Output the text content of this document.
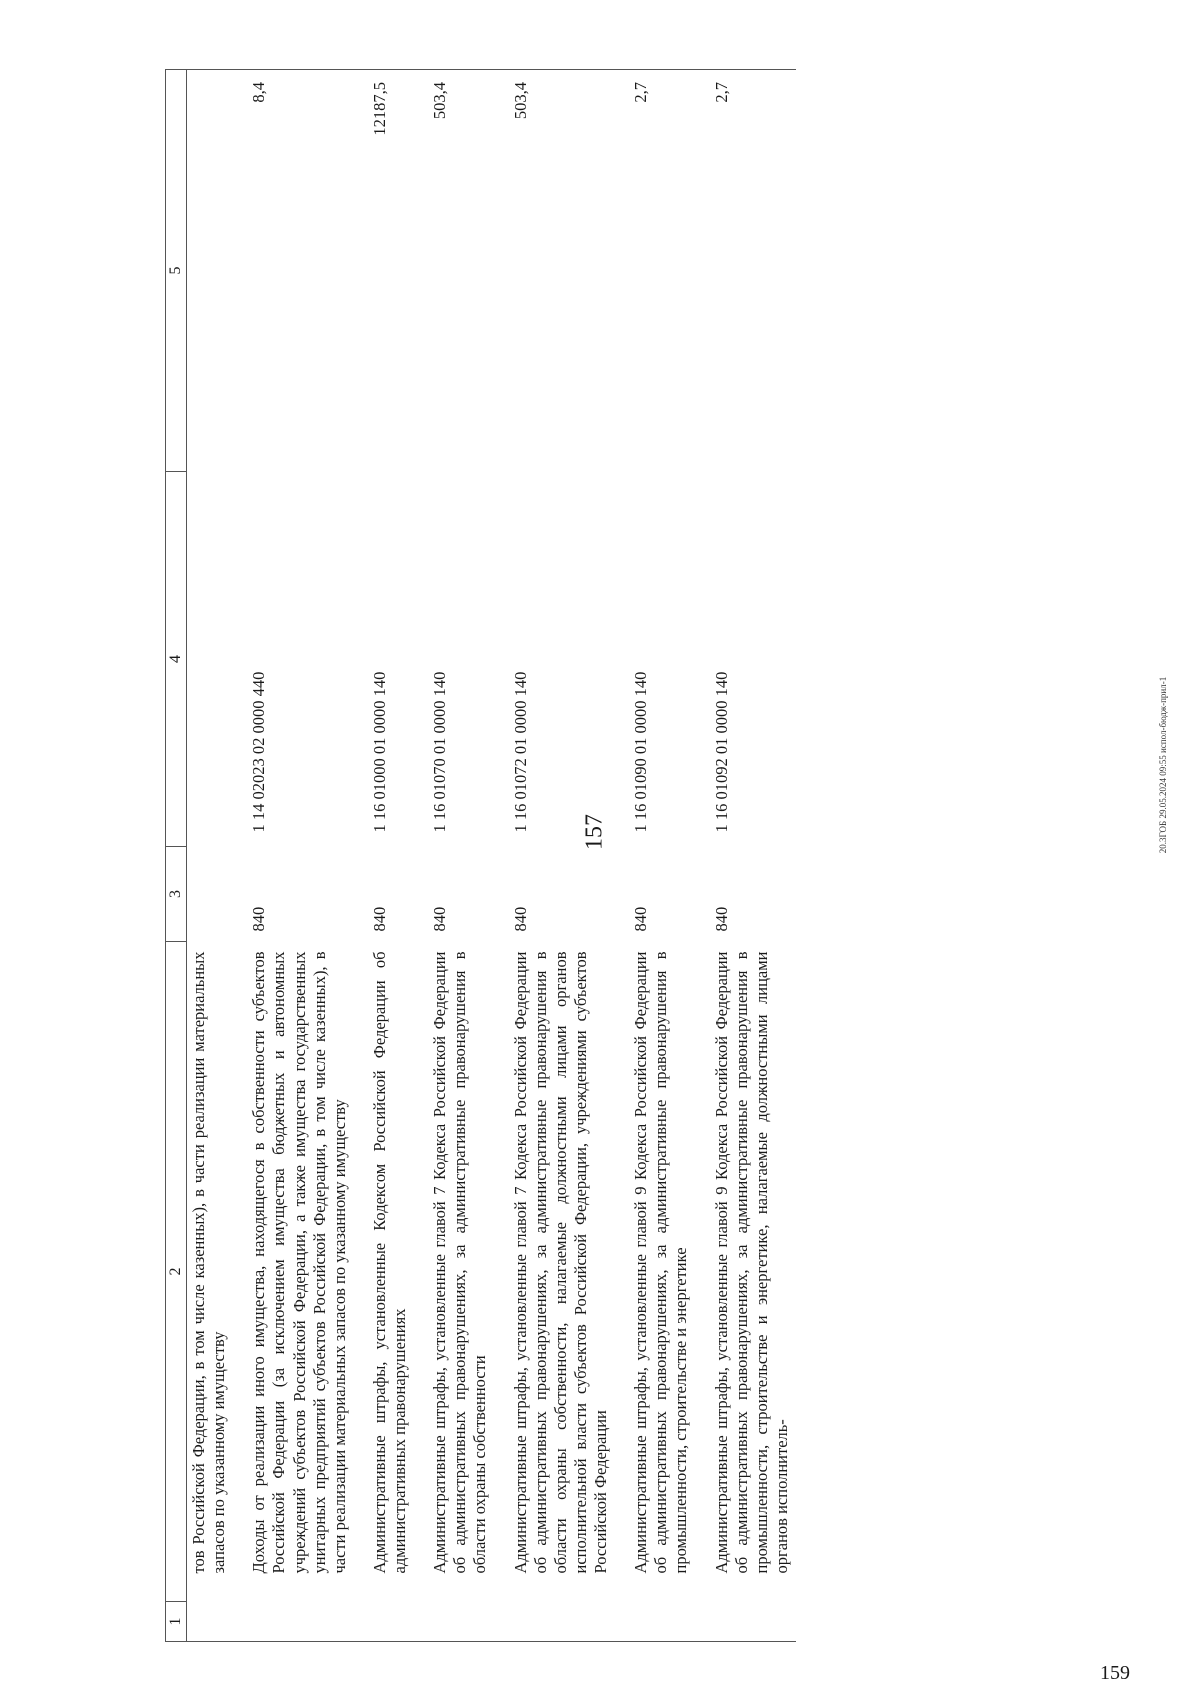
157	20.3ГОБ 29.05.2024 09:55 испол-бюдж-прил-1
159
1	2	3	4	5
	тов Российской Федерации, в том числе казенных), в части реализации материальных запасов по указанному имуществу			
	Доходы от реализации иного имущества, находящегося в собственности субъектов Российской Федерации (за исключением имущества бюджетных и автономных учреждений субъектов Российской Федерации, а также имущества государственных унитарных предприятий субъектов Российской Федерации, в том числе казенных), в части реализации материальных запасов по указанному имуществу	840	1 14 02023 02 0000 440	8,4
	Административные штрафы, установленные Кодексом Российской Федерации об административных правонарушениях	840	1 16 01000 01 0000 140	12187,5
	Административные штрафы, установленные главой 7 Кодекса Российской Федерации об административных правонарушениях, за административные правонарушения в области охраны собственности	840	1 16 01070 01 0000 140	503,4
	Административные штрафы, установленные главой 7 Кодекса Российской Федерации об административных правонарушениях, за административные правонарушения в области охраны собственности, налагаемые должностными лицами органов исполнительной власти субъектов Российской Федерации, учреждениями субъектов Российской Федерации	840	1 16 01072 01 0000 140	503,4
	Административные штрафы, установленные главой 9 Кодекса Российской Федерации об административных правонарушениях, за административные правонарушения в промышленности, строительстве и энергетике	840	1 16 01090 01 0000 140	2,7
	Административные штрафы, установленные главой 9 Кодекса Российской Федерации об административных правонарушениях, за административные правонарушения в промышленности, строительстве и энергетике, налагаемые должностными лицами органов исполнитель-	840	1 16 01092 01 0000 140	2,7
